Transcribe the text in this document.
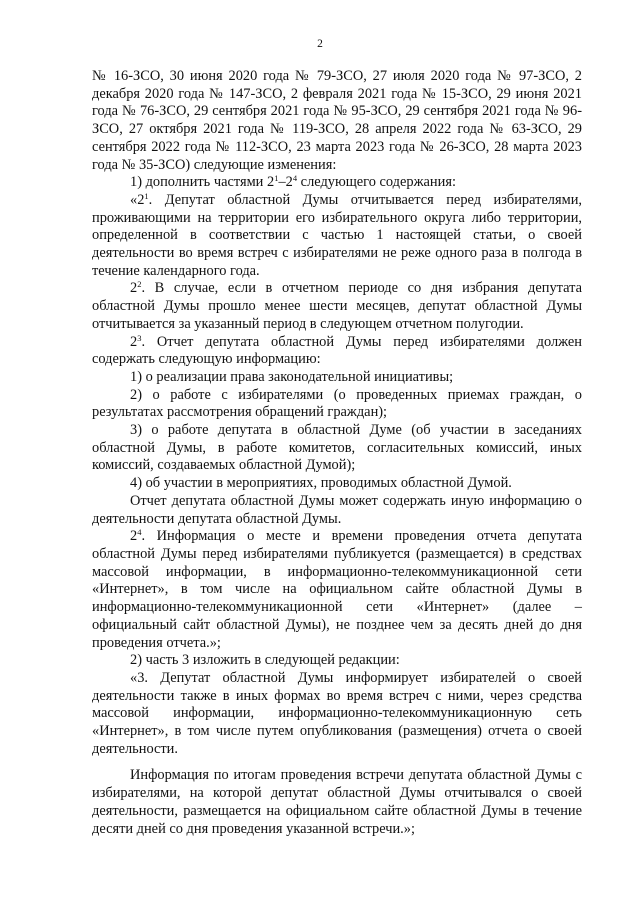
2

№ 16-ЗСО, 30 июня 2020 года № 79-ЗСО, 27 июля 2020 года № 97-ЗСО, 2 декабря 2020 года № 147-ЗСО, 2 февраля 2021 года № 15-ЗСО, 29 июня 2021 года № 76-ЗСО, 29 сентября 2021 года № 95-ЗСО, 29 сентября 2021 года № 96-ЗСО, 27 октября 2021 года № 119-ЗСО, 28 апреля 2022 года № 63-ЗСО, 29 сентября 2022 года № 112-ЗСО, 23 марта 2023 года № 26-ЗСО, 28 марта 2023 года № 35-ЗСО) следующие изменения:

1) дополнить частями $2^1-2^4$ следующего содержания:

«$2^1$. Депутат областной Думы отчитывается перед избирателями, проживающими на территории его избирательного округа либо территории, определенной в соответствии с частью 1 настоящей статьи, о своей деятельности во время встреч с избирателями не реже одного раза в полгода в течение календарного года.

$2^2$. В случае, если в отчетном периоде со дня избрания депутата областной Думы прошло менее шести месяцев, депутат областной Думы отчитывается за указанный период в следующем отчетном полугодии.

$2^3$. Отчет депутата областной Думы перед избирателями должен содержать следующую информацию:

1) о реализации права законодательной инициативы;

2) о работе с избирателями (о проведенных приемах граждан, о результатах рассмотрения обращений граждан);

3) о работе депутата в областной Думе (об участии в заседаниях областной Думы, в работе комитетов, согласительных комиссий, иных комиссий, создаваемых областной Думой);

4) об участии в мероприятиях, проводимых областной Думой.

Отчет депутата областной Думы может содержать иную информацию о деятельности депутата областной Думы.

$2^4$. Информация о месте и времени проведения отчета депутата областной Думы перед избирателями публикуется (размещается) в средствах массовой информации, в информационно-телекоммуникационной сети «Интернет», в том числе на официальном сайте областной Думы в информационно-телекоммуникационной сети «Интернет» (далее – официальный сайт областной Думы), не позднее чем за десять дней до дня проведения отчета.»;

2) часть 3 изложить в следующей редакции:

«3. Депутат областной Думы информирует избирателей о своей деятельности также в иных формах во время встреч с ними, через средства массовой информации, информационно-телекоммуникационную сеть «Интернет», в том числе путем опубликования (размещения) отчета о своей деятельности.

Информация по итогам проведения встречи депутата областной Думы с избирателями, на которой депутат областной Думы отчитывался о своей деятельности, размещается на официальном сайте областной Думы в течение десяти дней со дня проведения указанной встречи.»;
